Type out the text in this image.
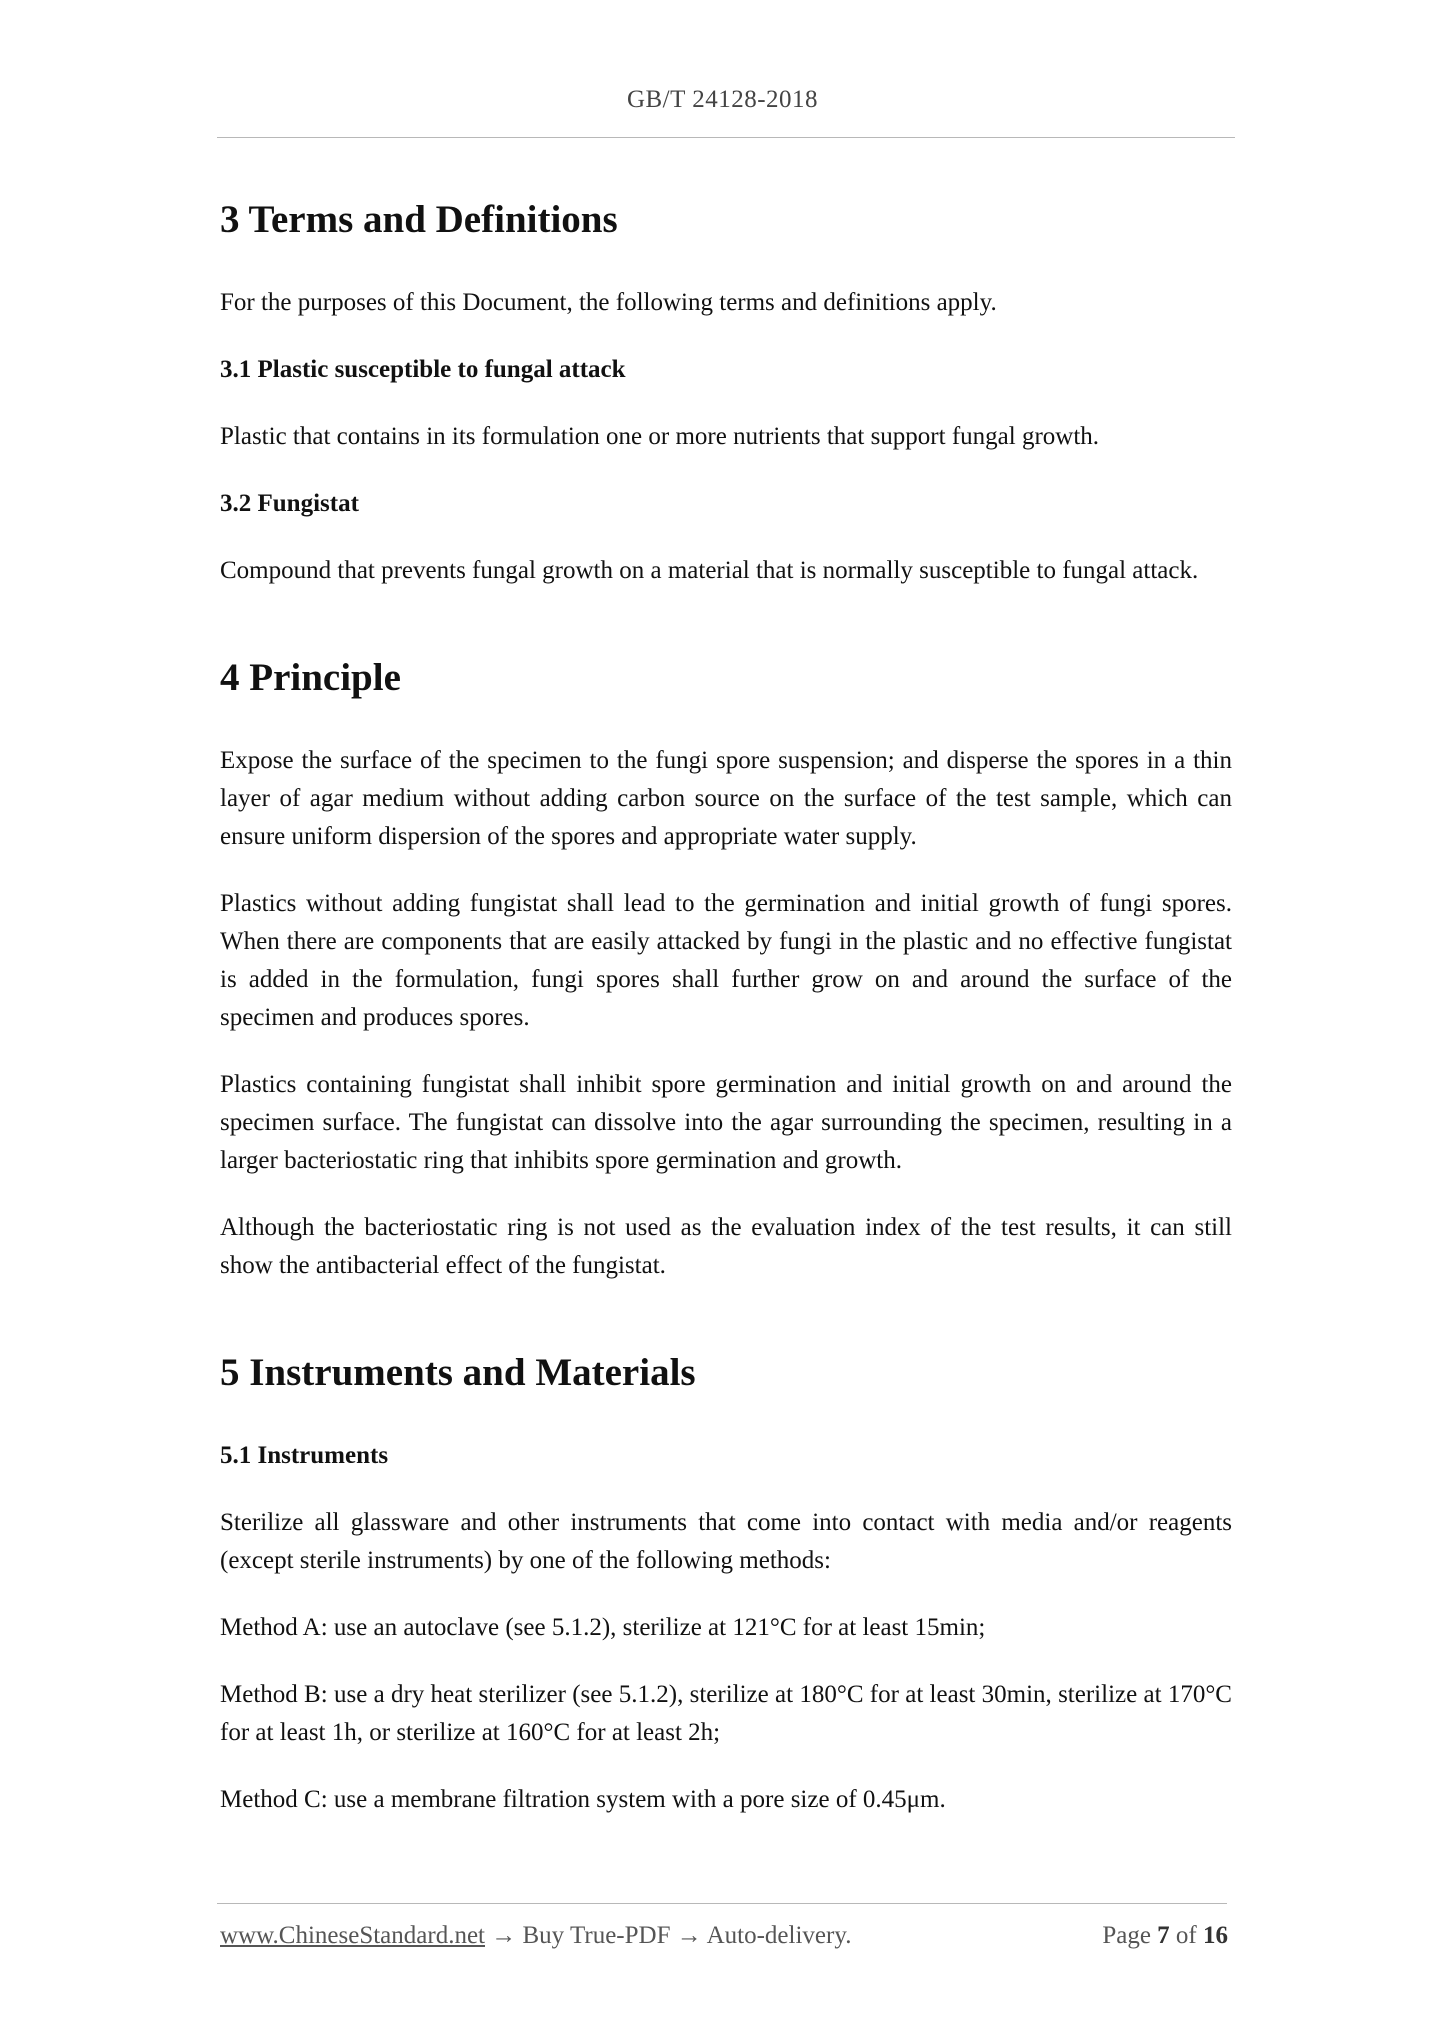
GB/T 24128-2018
3 Terms and Definitions

For the purposes of this Document, the following terms and definitions apply.

3.1 Plastic susceptible to fungal attack

Plastic that contains in its formulation one or more nutrients that support fungal growth.

3.2 Fungistat

Compound that prevents fungal growth on a material that is normally susceptible to fungal attack.

4 Principle

Expose the surface of the specimen to the fungi spore suspension; and disperse the spores in a thin layer of agar medium without adding carbon source on the surface of the test sample, which can ensure uniform dispersion of the spores and appropriate water supply.

Plastics without adding fungistat shall lead to the germination and initial growth of fungi spores. When there are components that are easily attacked by fungi in the plastic and no effective fungistat is added in the formulation, fungi spores shall further grow on and around the surface of the specimen and produces spores.

Plastics containing fungistat shall inhibit spore germination and initial growth on and around the specimen surface. The fungistat can dissolve into the agar surrounding the specimen, resulting in a larger bacteriostatic ring that inhibits spore germination and growth.

Although the bacteriostatic ring is not used as the evaluation index of the test results, it can still show the antibacterial effect of the fungistat.

5 Instruments and Materials
5.1 Instruments

Sterilize all glassware and other instruments that come into contact with media and/or reagents (except sterile instruments) by one of the following methods:

Method A: use an autoclave (see 5.1.2), sterilize at 121°C for at least 15min;

Method B: use a dry heat sterilizer (see 5.1.2), sterilize at 180°C for at least 30min, sterilize at 170°C for at least 1h, or sterilize at 160°C for at least 2h;

Method C: use a membrane filtration system with a pore size of 0.45μm.

www.ChineseStandard.net → Buy True-PDF → Auto-delivery.	Page 7 of 16
